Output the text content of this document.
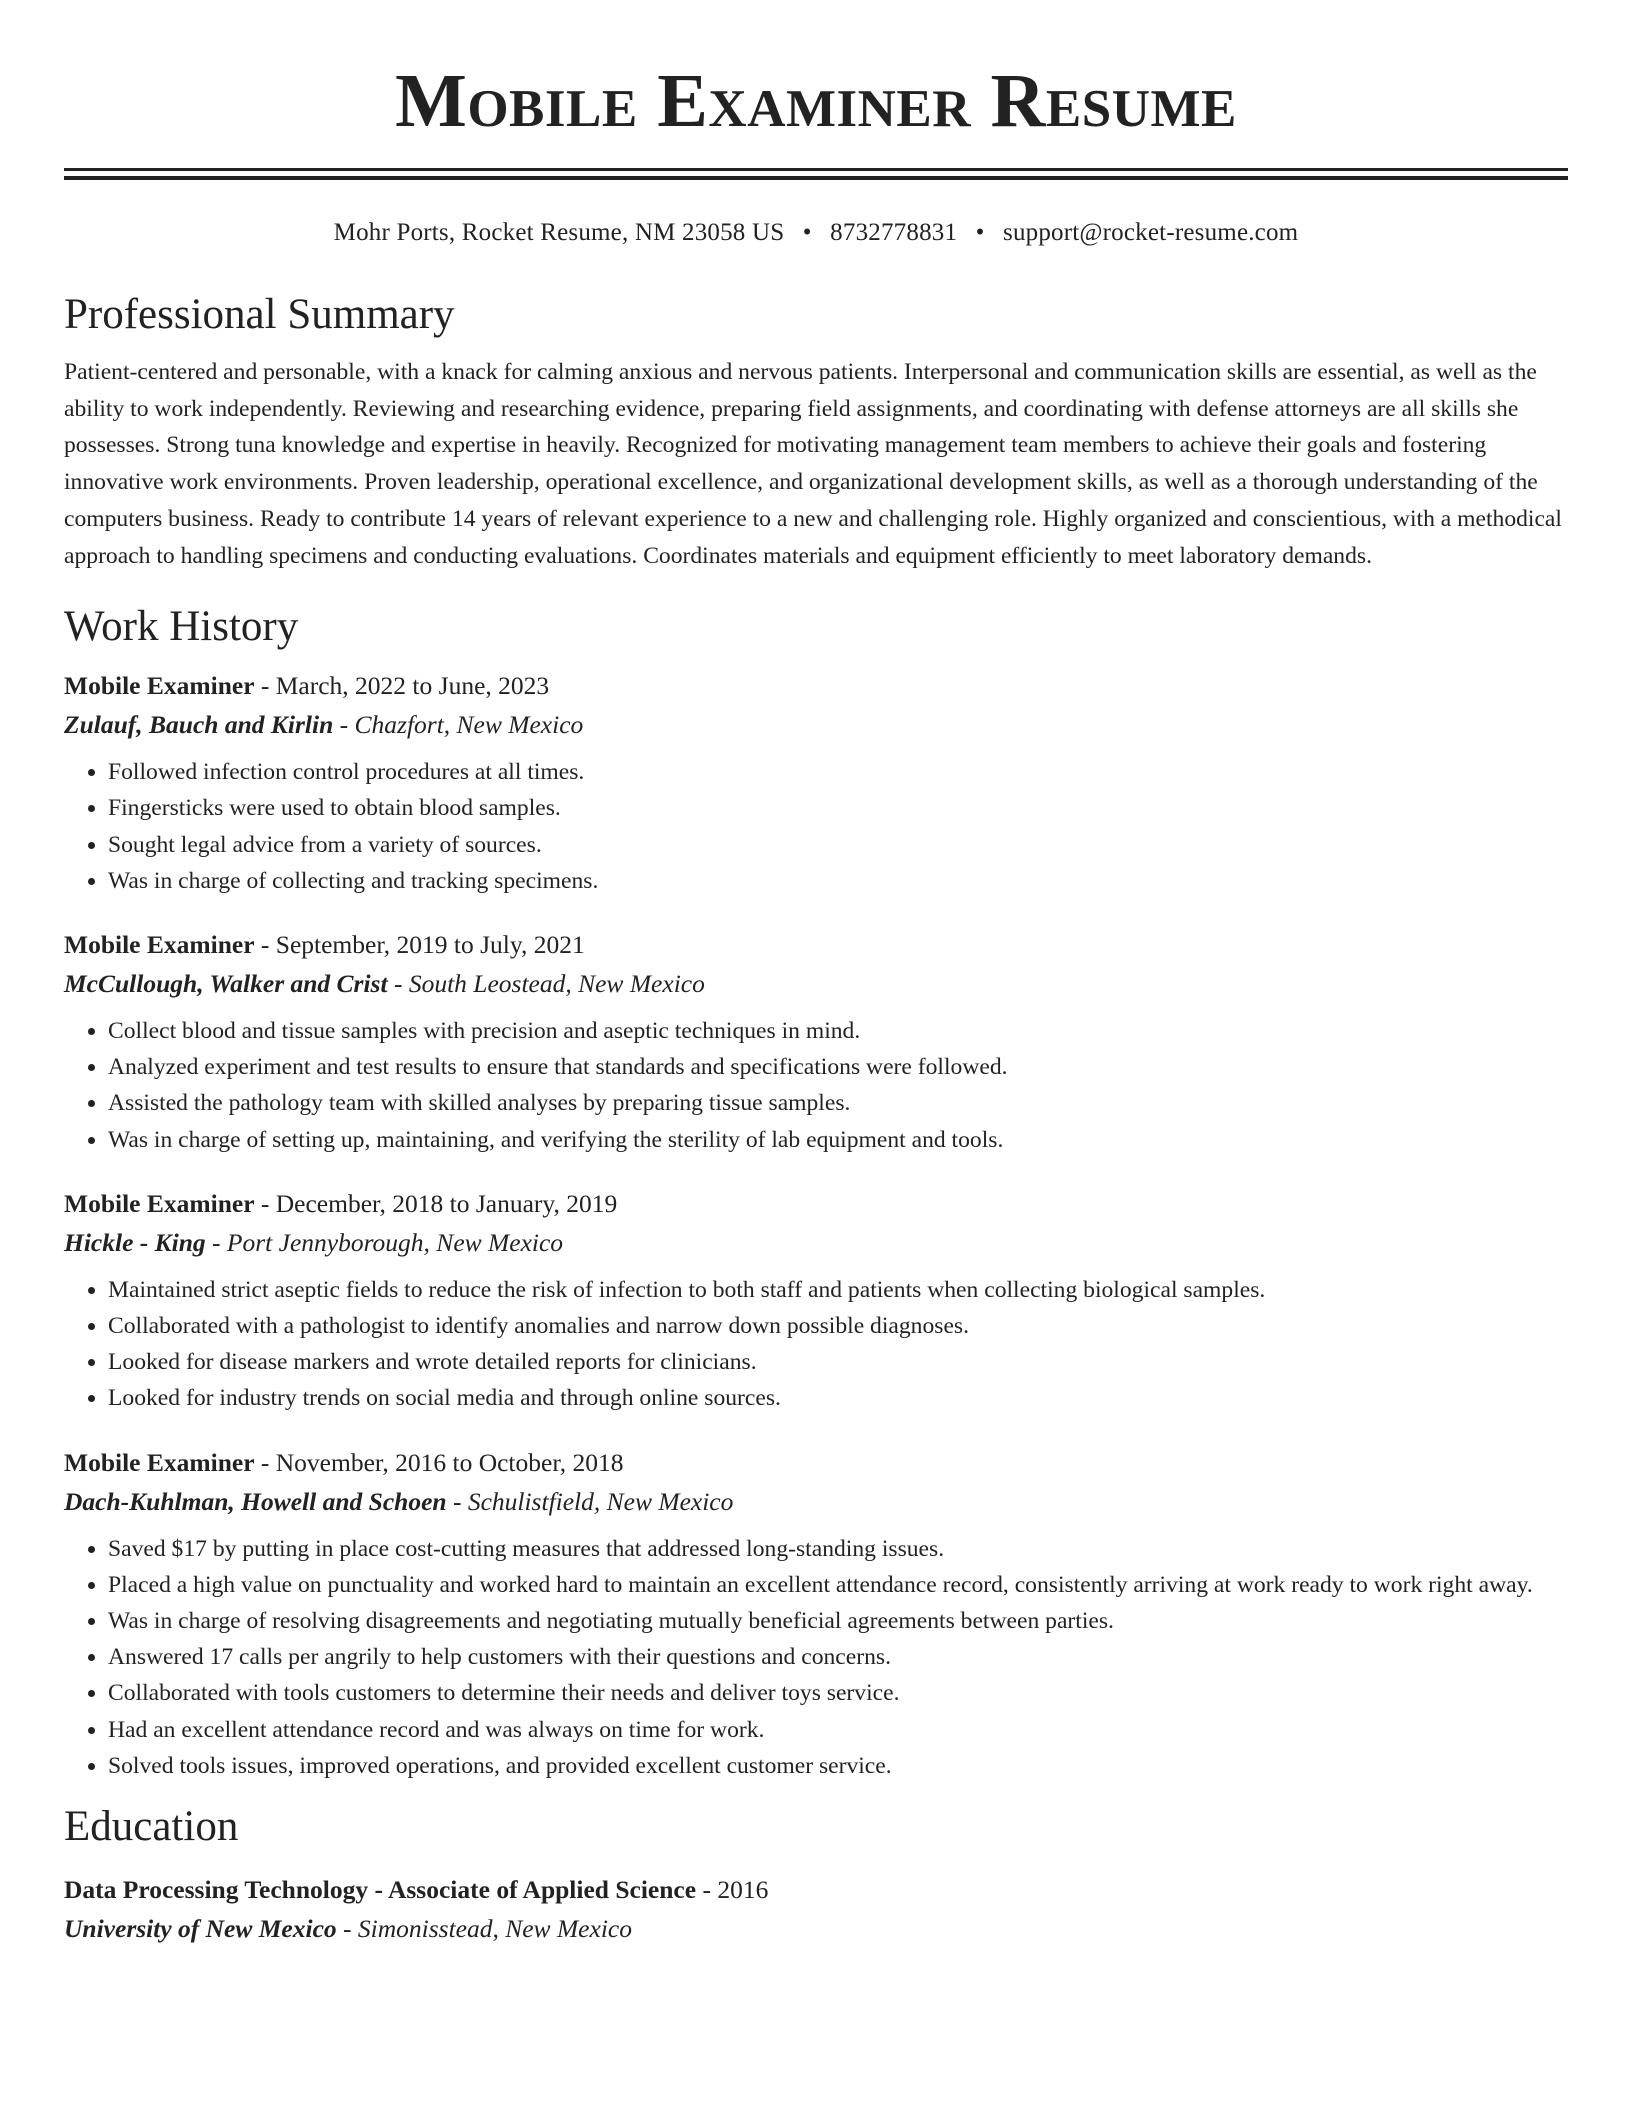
Mobile Examiner Resume
Mohr Ports, Rocket Resume, NM 23058 US • 8732778831 • support@rocket-resume.com
Professional Summary
Patient-centered and personable, with a knack for calming anxious and nervous patients. Interpersonal and communication skills are essential, as well as the ability to work independently. Reviewing and researching evidence, preparing field assignments, and coordinating with defense attorneys are all skills she possesses. Strong tuna knowledge and expertise in heavily. Recognized for motivating management team members to achieve their goals and fostering innovative work environments. Proven leadership, operational excellence, and organizational development skills, as well as a thorough understanding of the computers business. Ready to contribute 14 years of relevant experience to a new and challenging role. Highly organized and conscientious, with a methodical approach to handling specimens and conducting evaluations. Coordinates materials and equipment efficiently to meet laboratory demands.
Work History
Mobile Examiner - March, 2022 to June, 2023
Zulauf, Bauch and Kirlin - Chazfort, New Mexico
• Followed infection control procedures at all times.
• Fingersticks were used to obtain blood samples.
• Sought legal advice from a variety of sources.
• Was in charge of collecting and tracking specimens.
Mobile Examiner - September, 2019 to July, 2021
McCullough, Walker and Crist - South Leostead, New Mexico
• Collect blood and tissue samples with precision and aseptic techniques in mind.
• Analyzed experiment and test results to ensure that standards and specifications were followed.
• Assisted the pathology team with skilled analyses by preparing tissue samples.
• Was in charge of setting up, maintaining, and verifying the sterility of lab equipment and tools.
Mobile Examiner - December, 2018 to January, 2019
Hickle - King - Port Jennyborough, New Mexico
• Maintained strict aseptic fields to reduce the risk of infection to both staff and patients when collecting biological samples.
• Collaborated with a pathologist to identify anomalies and narrow down possible diagnoses.
• Looked for disease markers and wrote detailed reports for clinicians.
• Looked for industry trends on social media and through online sources.
Mobile Examiner - November, 2016 to October, 2018
Dach-Kuhlman, Howell and Schoen - Schulistfield, New Mexico
• Saved $17 by putting in place cost-cutting measures that addressed long-standing issues.
• Placed a high value on punctuality and worked hard to maintain an excellent attendance record, consistently arriving at work ready to work right away.
• Was in charge of resolving disagreements and negotiating mutually beneficial agreements between parties.
• Answered 17 calls per angrily to help customers with their questions and concerns.
• Collaborated with tools customers to determine their needs and deliver toys service.
• Had an excellent attendance record and was always on time for work.
• Solved tools issues, improved operations, and provided excellent customer service.
Education
Data Processing Technology - Associate of Applied Science - 2016
University of New Mexico - Simonisstead, New Mexico
